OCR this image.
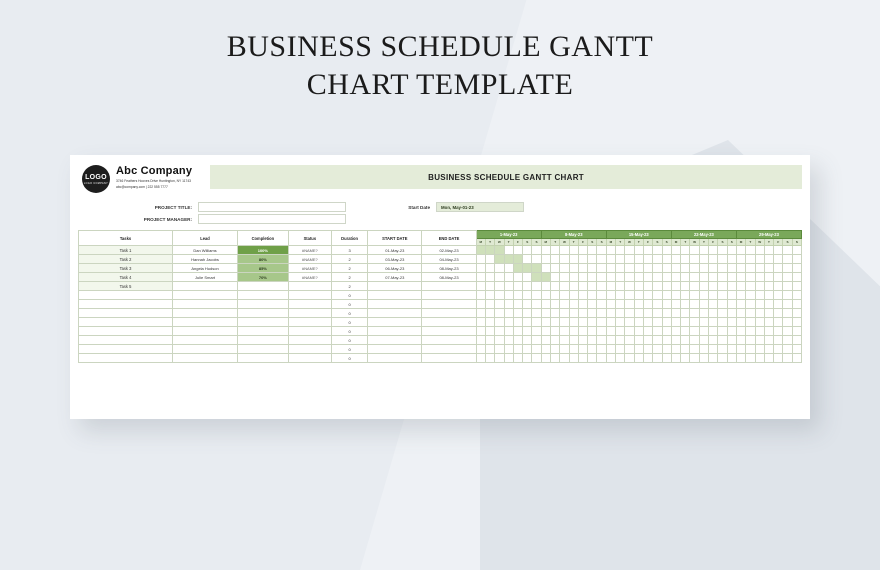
BUSINESS SCHEDULE GANTT
CHART TEMPLATE
LOGO
LOGO COMPANY
Abc Company
3746 Feathers Hooves Drive Huntington, NY 11743
abc@company.com | 222 555 7777
BUSINESS SCHEDULE GANTT CHART
PROJECT TITLE:	Start Date	Mon, May-01-23
PROJECT MANAGER:
Tasks	Lead	Completion	Status	Duration	START DATE	END DATE	1-May-23							8-May-23							15-May-23							22-May-23							29-May-23						
							M	T	W	T	F	S	S	M	T	W	T	F	S	S	M	T	W	T	F	S	S	M	T	W	T	F	S	S	M	T	W	T	F	S	S
Task 1	Dan Williams	100%	#NAME?	3	01-May-23	02-May-23																																			
Task 2	Hannah Jacobs	80%	#NAME?	2	03-May-23	04-May-23																																			
Task 3	Angela Hudson	85%	#NAME?	2	06-May-23	08-May-23																																			
Task 4	Julie Smart	70%	#NAME?	2	07-May-23	08-May-23																																			
Task 5				2																																					
				0																																					
				0																																					
				0																																					
				0																																					
				0																																					
				0																																					
				0																																					
				0																																					
